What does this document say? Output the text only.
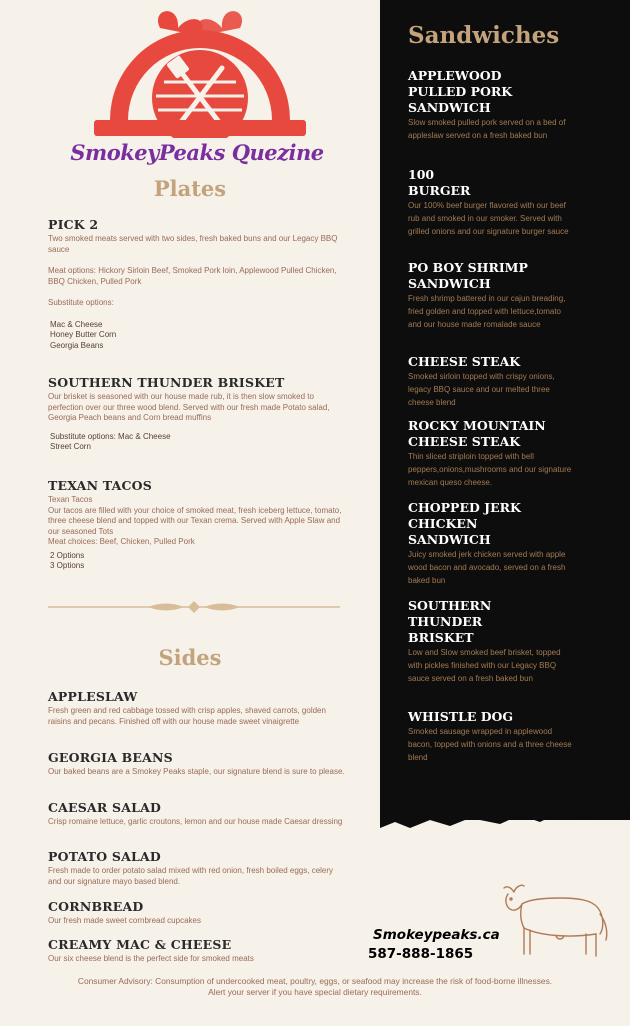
SmokeyPeaks Quezine
Plates
PICK 2

Two smoked meats served with two sides, fresh baked buns and our Legacy BBQ sauce

Meat options: Hickory Sirloin Beef, Smoked Pork loin, Applewood Pulled Chicken, BBQ Chicken, Pulled Pork

Substitute options:

Mac & Cheese
Honey Butter Corn
Georgia Beans
SOUTHERN THUNDER BRISKET

Our brisket is seasoned with our house made rub, it is then slow smoked to perfection over our three wood blend. Served with our fresh made Potato salad, Georgia Peach beans and Corn bread muffins

Substitute options: Mac & Cheese
Street Corn
TEXAN TACOS

Texan Tacos

Our tacos are filled with your choice of smoked meat, fresh iceberg lettuce, tomato, three cheese blend and topped with our Texan crema. Served with Apple Slaw and our seasoned Tots

Meat choices: Beef, Chicken, Pulled Pork

2 Options
3 Options
Sides
APPLESLAW

Fresh green and red cabbage tossed with crisp apples, shaved carrots, golden raisins and pecans. Finished off with our house made sweet vinaigrette

GEORGIA BEANS

Our baked beans are a Smokey Peaks staple, our signature blend is sure to please.

CAESAR SALAD

Crisp romaine lettuce, garlic croutons, lemon and our house made Caesar dressing

POTATO SALAD

Fresh made to order potato salad mixed with red onion, fresh boiled eggs, celery and our signature mayo based blend.

CORNBREAD

Our fresh made sweet cornbread cupcakes

CREAMY MAC & CHEESE

Our six cheese blend is the perfect side for smoked meats

Sandwiches
APPLEWOOD
PULLED PORK
SANDWICH

Slow smoked pulled pork served on a bed of appleslaw served on a fresh baked bun

100
BURGER

Our 100% beef burger flavored with our beef rub and smoked in our smoker. Served with grilled onions and our signature burger sauce

PO BOY SHRIMP
SANDWICH

Fresh shrimp battered in our cajun breading, fried golden and topped with lettuce,tomato and our house made romalade sauce

CHEESE STEAK

Smoked sirloin topped with crispy onions, legacy BBQ sauce and our melted three cheese blend

ROCKY MOUNTAIN
CHEESE STEAK

Thin sliced striploin topped with bell peppers,onions,mushrooms and our signature mexican queso cheese.

CHOPPED JERK
CHICKEN
SANDWICH

Juicy smoked jerk chicken served with apple wood bacon and avocado, served on a fresh baked bun

SOUTHERN
THUNDER
BRISKET

Low and Slow smoked beef brisket, topped with pickles finished with our Legacy BBQ sauce served on a fresh baked bun

WHISTLE DOG

Smoked sausage wrapped in applewood bacon, topped with onions and a three cheese blend

Smokeypeaks.ca
587-888-1865
Consumer Advisory: Consumption of undercooked meat, poultry, eggs, or seafood may increase the risk of food-borne illnesses.
Alert your server if you have special dietary requirements.
